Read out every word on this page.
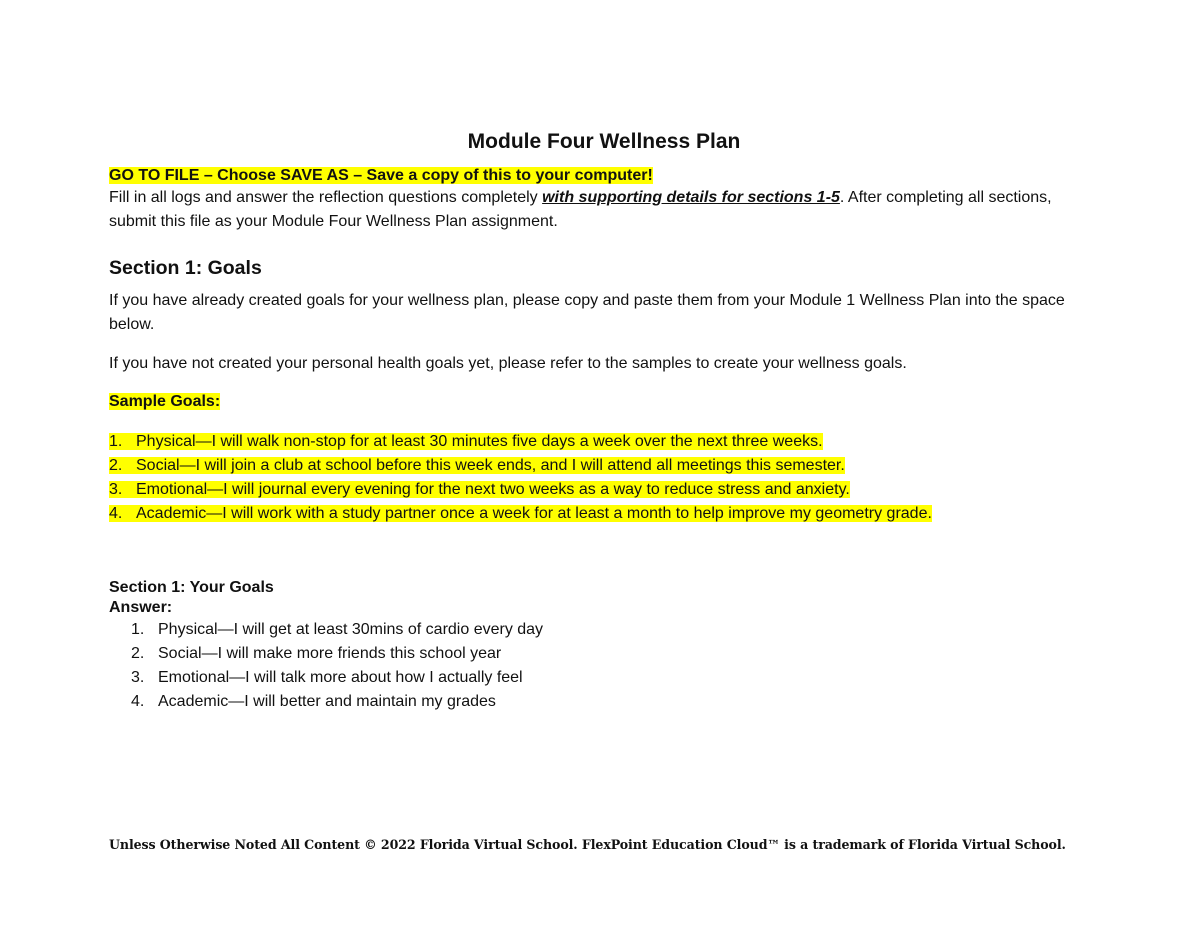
Module Four Wellness Plan

GO TO FILE – Choose SAVE AS – Save a copy of this to your computer!

Fill in all logs and answer the reflection questions completely with supporting details for sections 1-5. After completing all sections, submit this file as your Module Four Wellness Plan assignment.

Section 1: Goals

If you have already created goals for your wellness plan, please copy and paste them from your Module 1 Wellness Plan into the space below.

If you have not created your personal health goals yet, please refer to the samples to create your wellness goals.

Sample Goals:

1. Physical—I will walk non-stop for at least 30 minutes five days a week over the next three weeks.
2. Social—I will join a club at school before this week ends, and I will attend all meetings this semester.
3. Emotional—I will journal every evening for the next two weeks as a way to reduce stress and anxiety.
4. Academic—I will work with a study partner once a week for at least a month to help improve my geometry grade.
Section 1: Your Goals
Answer:
1. Physical—I will get at least 30mins of cardio every day
2. Social—I will make more friends this school year
3. Emotional—I will talk more about how I actually feel
4. Academic—I will better and maintain my grades
Unless Otherwise Noted All Content © 2022 Florida Virtual School. FlexPoint Education Cloud™ is a trademark of Florida Virtual School.
